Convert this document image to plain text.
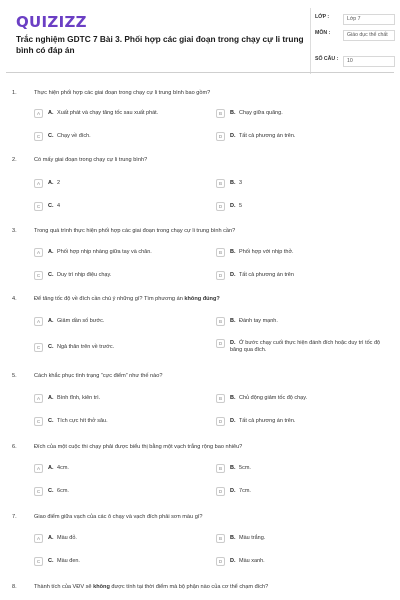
QUIZIZZ
Trắc nghiệm GDTC 7 Bài 3. Phối hợp các giai đoạn trong chạy cự li trung bình có đáp án
LỚP :	Lớp 7
MÔN :	Giáo dục thể chất
SỐ CÂU :	10
1.	Thực hiện phối hợp các giai đoạn trong chạy cự li trung bình bao gồm?
A	A. Xuất phát và chạy tăng tốc sau xuất phát.	B	B. Chạy giữa quãng.
C	C. Chạy về đích.	D	D. Tất cả phương án trên.
2.	Có mấy giai đoạn trong chạy cự li trung bình?
A	A. 2	B	B. 3
C	C. 4	D	D. 5
3.	Trong quá trình thực hiện phối hợp các giai đoạn trong chạy cự li trung bình cần?
A	A. Phối hợp nhịp nhàng giữa tay và chân.	B	B. Phối hợp với nhịp thở.
C	C. Duy trì nhịp điệu chạy.	D	D. Tất cả phương án trên
4.	Để tăng tốc độ về đích cần chú ý những gì? Tìm phương án không đúng?
A	A. Giảm dần số bước.	B	B. Đánh tay mạnh.
C	C. Ngả thân trên về trước.
D	D. Ở bước chạy cuối thực hiện đánh đích hoặc duy trì tốc độ băng qua đích.
5.	Cách khắc phục tình trạng “cực điểm” như thế nào?
A	A. Bình tĩnh, kiên trì.	B	B. Chủ động giảm tốc độ chạy.
C	C. Tích cực hít thở sâu.	D	D. Tất cả phương án trên.
6.	Đích của một cuộc thi chạy phải được biểu thị bằng một vạch trắng rộng bao nhiêu?
A	A. 4cm.	B	B. 5cm.
C	C. 6cm.	D	D. 7cm.
7.	Giao điểm giữa vạch của các ô chạy và vạch đích phải sơn màu gì?
A	A. Màu đỏ.	B	B. Màu trắng.
C	C. Màu đen.	D	D. Màu xanh.
8.	Thành tích của VĐV sẽ không được tính tại thời điểm mà bộ phận nào của cơ thể chạm đích?
